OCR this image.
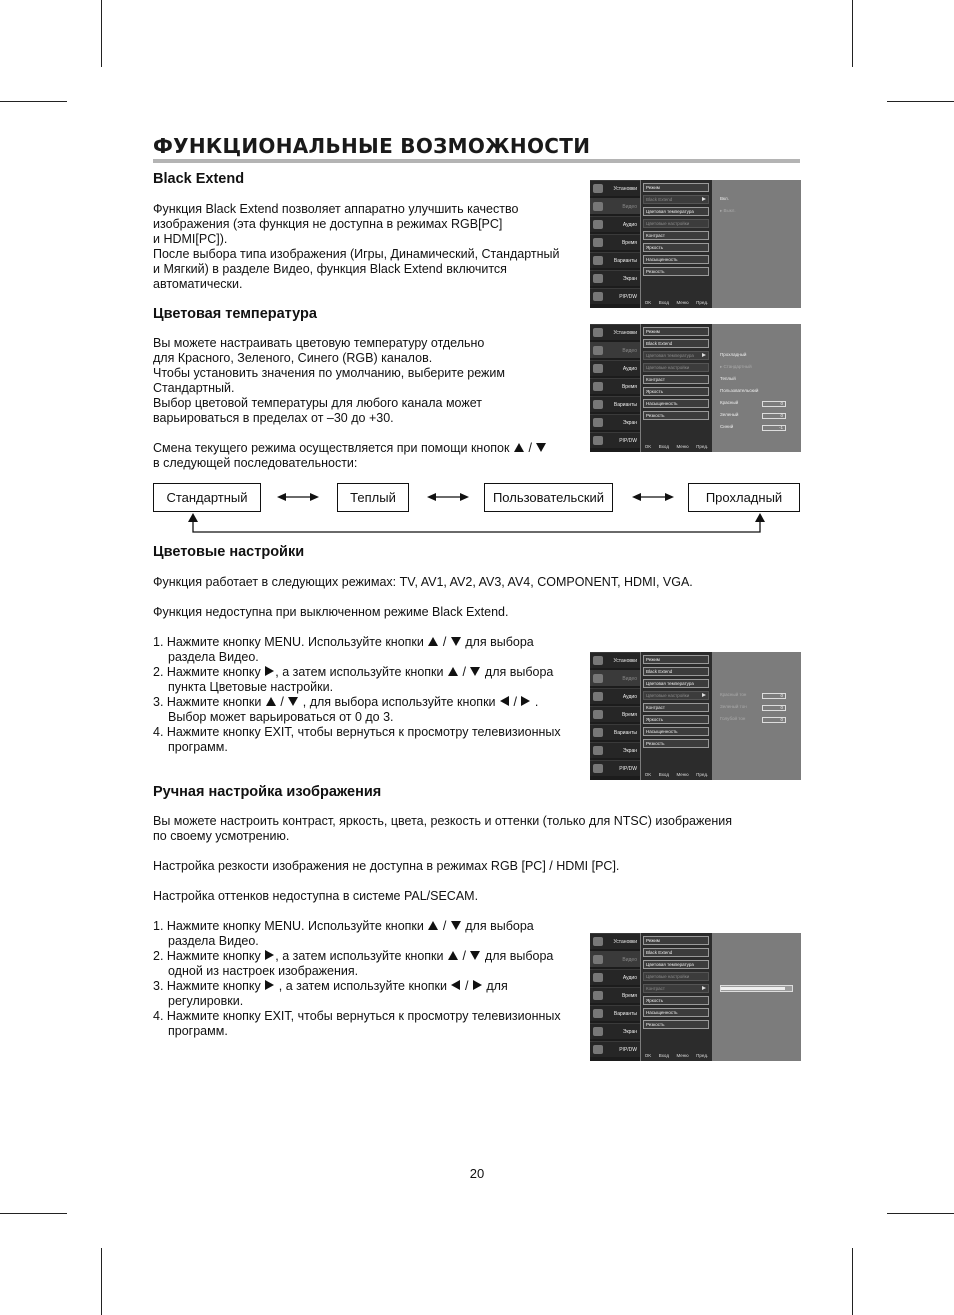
ФУНКЦИОНАЛЬНЫЕ ВОЗМОЖНОСТИ
Black Extend
Функция Black Extend позволяет аппаратно улучшить качество
изображения (эта функция не доступна в режимах RGB[PC]
и HDMI[PC]).
После выбора типа изображения (Игры, Динамический, Стандартный
и Мягкий) в разделе Видео, функция Black Extend включится
автоматически.
Цветовая температура
Вы можете настраивать цветовую температуру отдельно
для Красного, Зеленого, Синего (RGB) каналов.
Чтобы установить значения по умолчанию, выберите режим
Стандартный.
Выбор цветовой температуры для любого канала может
варьироваться в пределах от –30 до +30.
Смена текущего режима осуществляется при помощи кнопок  /
в следующей последовательности:
Стандартный	Теплый	Пользовательский	Прохладный
Цветовые настройки
Функция работает в следующих режимах: TV, AV1, AV2, AV3, AV4, COMPONENT, HDMI, VGA.
Функция недоступна при выключенном режиме Black Extend.
1. Нажмите кнопку MENU. Используйте кнопки  /  для выбора
раздела Видео.
2. Нажмите кнопку , а затем используйте кнопки  /  для выбора
пункта Цветовые настройки.
3. Нажмите кнопки  /  , для выбора используйте кнопки  /  .
Выбор может варьироваться от 0 до 3.
4. Нажмите кнопку EXIT, чтобы вернуться к просмотру телевизионных
программ.
Ручная настройка изображения
Вы можете настроить контраст, яркость, цвета, резкость и оттенки (только для NTSC) изображения
по своему усмотрению.
Настройка резкости изображения не доступна в режимах RGB [PC] / HDMI [PC].
Настройка оттенков недоступна в системе PAL/SECAM.
1. Нажмите кнопку MENU. Используйте кнопки  /  для выбора
раздела Видео.
2. Нажмите кнопку , а затем используйте кнопки  /  для выбора
одной из настроек изображения.
3. Нажмите кнопку , а затем используйте кнопки  /  для
регулировки.
4. Нажмите кнопку EXIT, чтобы вернуться к просмотру телевизионных
программ.
Установки
Видео
Аудио
Время
Варианты
Экран
PIP/DW
Режим
Black Extend
Цветовая температура
Цветовые настройки
Контраст
Яркость
Насыщенность
Резкость
OK Вход Меню Пред.
Вкл.
▸ Выкл.
Установки
Видео
Аудио
Время
Варианты
Экран
PIP/DW
Режим
Black Extend
Цветовая температура
Цветовые настройки
Контраст
Яркость
Насыщенность
Резкость
OK Вход Меню Пред.
Прохладный
▸ Стандартный
Теплый
Пользовательский
Красный
Зеленый
Синий
0
0
-1
Установки
Видео
Аудио
Время
Варианты
Экран
PIP/DW
Режим
Black Extend
Цветовая температура
Цветовые настройки
Контраст
Яркость
Насыщенность
Резкость
OK Вход Меню Пред.
Красный тон
Зеленый тон
Голубой тон
0
0
0
Установки
Видео
Аудио
Время
Варианты
Экран
PIP/DW
Режим
Black Extend
Цветовая температура
Цветовые настройки
Контраст
Яркость
Насыщенность
Резкость
OK Вход Меню Пред.
20
